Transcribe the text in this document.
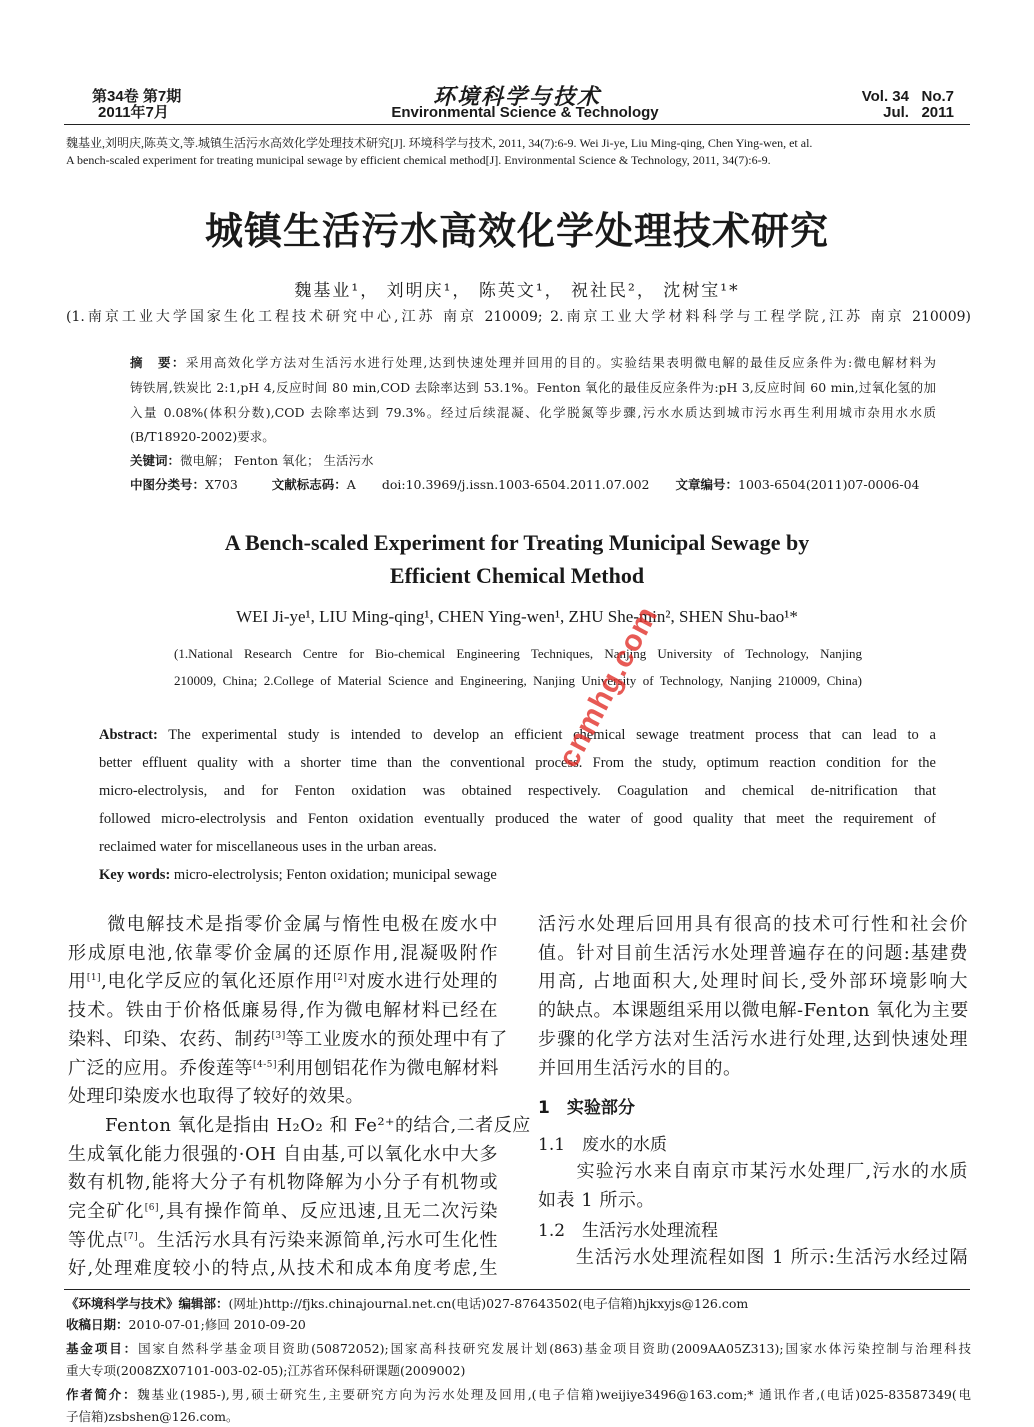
第34卷 第7期
2011年7月
环境科学与技术
Environmental Science & Technology
Vol. 34   No.7
Jul.   2011
魏基业,刘明庆,陈英文,等.城镇生活污水高效化学处理技术研究[J]. 环境科学与技术, 2011, 34(7):6-9. Wei Ji-ye, Liu Ming-qing, Chen Ying-wen, et al.
A bench-scaled experiment for treating municipal sewage by efficient chemical method[J]. Environmental Science & Technology, 2011, 34(7):6-9.
城镇生活污水高效化学处理技术研究
魏基业¹， 刘明庆¹， 陈英文¹， 祝社民²， 沈树宝¹*
(1.南京工业大学国家生化工程技术研究中心,江苏 南京 210009; 2.南京工业大学材料科学与工程学院,江苏 南京 210009)
摘　要：采用高效化学方法对生活污水进行处理,达到快速处理并回用的目的。实验结果表明微电解的最佳反应条件为:微电解材料为
铸铁屑,铁炭比 2:1,pH 4,反应时间 80 min,COD 去除率达到 53.1%。Fenton 氧化的最佳反应条件为:pH 3,反应时间 60 min,过氧化氢的加
入量 0.08%(体积分数),COD 去除率达到 79.3%。经过后续混凝、化学脱氮等步骤,污水水质达到城市污水再生利用城市杂用水水质
(B/T18920-2002)要求。
关键词：微电解； Fenton 氧化； 生活污水
中图分类号：X703	文献标志码：A doi:10.3969/j.issn.1003-6504.2011.07.002 文章编号：1003-6504(2011)07-0006-04
A Bench-scaled Experiment for Treating Municipal Sewage by
Efficient Chemical Method
WEI Ji-ye¹, LIU Ming-qing¹, CHEN Ying-wen¹, ZHU She-min², SHEN Shu-bao¹*
(1.National Research Centre for Bio-chemical Engineering Techniques, Nanjing University of Technology, Nanjing
210009, China; 2.College of Material Science and Engineering, Nanjing University of Technology, Nanjing 210009, China)
Abstract: The experimental study is intended to develop an efficient chemical sewage treatment process that can lead to a
better effluent quality with a shorter time than the conventional process. From the study, optimum reaction condition for the
micro-electrolysis, and for Fenton oxidation was obtained respectively. Coagulation and chemical de-nitrification that
followed micro-electrolysis and Fenton oxidation eventually produced the water of good quality that meet the requirement of
reclaimed water for miscellaneous uses in the urban areas.
Key words: micro-electrolysis; Fenton oxidation; municipal sewage
　　微电解技术是指零价金属与惰性电极在废水中
形成原电池,依靠零价金属的还原作用,混凝吸附作
用[1],电化学反应的氧化还原作用[2]对废水进行处理的
技术。铁由于价格低廉易得,作为微电解材料已经在
染料、印染、农药、制药[3]等工业废水的预处理中有了
广泛的应用。乔俊莲等[4-5]利用刨铝花作为微电解材料
处理印染废水也取得了较好的效果。
　　Fenton 氧化是指由 H₂O₂ 和 Fe²⁺的结合,二者反应
生成氧化能力很强的·OH 自由基,可以氧化水中大多
数有机物,能将大分子有机物降解为小分子有机物或
完全矿化[6],具有操作简单、反应迅速,且无二次污染
等优点[7]。生活污水具有污染来源简单,污水可生化性
好,处理难度较小的特点,从技术和成本角度考虑,生
活污水处理后回用具有很高的技术可行性和社会价
值。针对目前生活污水处理普遍存在的问题:基建费
用高, 占地面积大,处理时间长,受外部环境影响大
的缺点。本课题组采用以微电解-Fenton 氧化为主要
步骤的化学方法对生活污水进行处理,达到快速处理
并回用生活污水的目的。
1　实验部分
1.1　废水的水质
　　实验污水来自南京市某污水处理厂,污水的水质
如表 1 所示。
1.2　生活污水处理流程
　　生活污水处理流程如图 1 所示:生活污水经过隔
《环境科学与技术》编辑部：(网址)http://fjks.chinajournal.net.cn(电话)027-87643502(电子信箱)hjkxyjs@126.com
收稿日期：2010-07-01;修回 2010-09-20
基金项目：国家自然科学基金项目资助(50872052);国家高科技研究发展计划(863)基金项目资助(2009AA05Z313);国家水体污染控制与治理科技
重大专项(2008ZX07101-003-02-05);江苏省环保科研课题(2009002)
作者简介：魏基业(1985-),男,硕士研究生,主要研究方向为污水处理及回用,(电子信箱)weijiye3496@163.com;* 通讯作者,(电话)025-83587349(电
子信箱)zsbshen@126.com。
cnmhg.com
